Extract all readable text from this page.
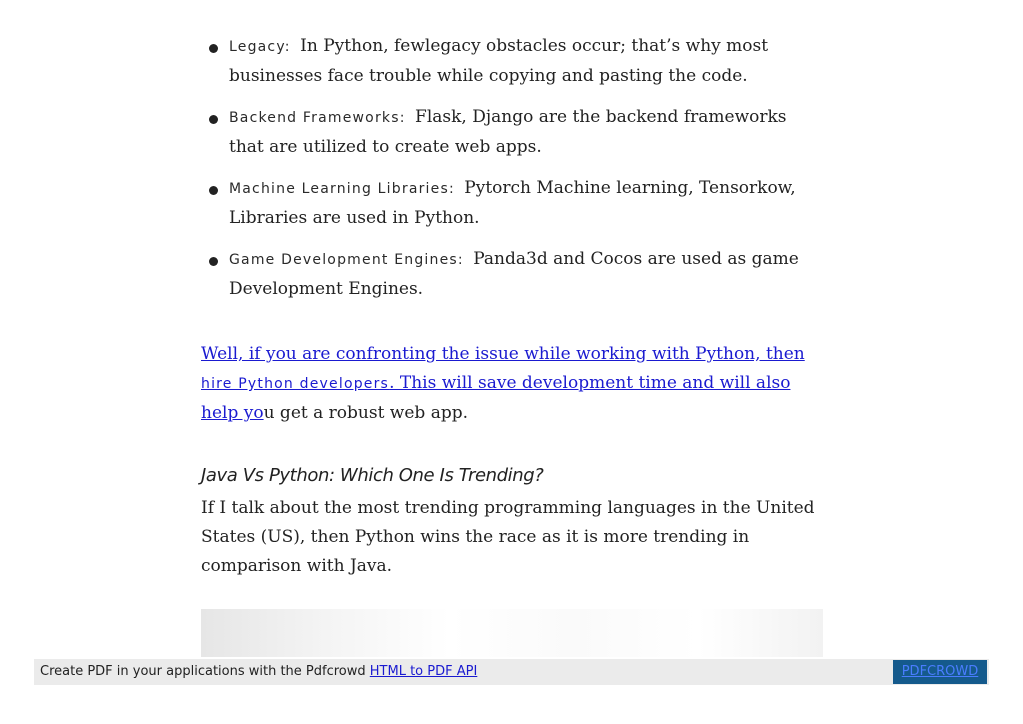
Legacy: In Python, fewlegacy obstacles occur; that’s why most businesses face trouble while copying and pasting the code.
Backend Frameworks: Flask, Django are the backend frameworks that are utilized to create web apps.
Machine Learning Libraries: Pytorch Machine learning, Tensorkow, Libraries are used in Python.
Game Development Engines: Panda3d and Cocos are used as game Development Engines.

Well, if you are confronting the issue while working with Python, then hire Python developers. This will save development time and will also help you get a robust web app.

Java Vs Python: Which One Is Trending?

If I talk about the most trending programming languages in the United States (US), then Python wins the race as it is more trending in comparison with Java.

Create PDF in your applications with the Pdfcrowd HTML to PDF API	PDFCROWD
